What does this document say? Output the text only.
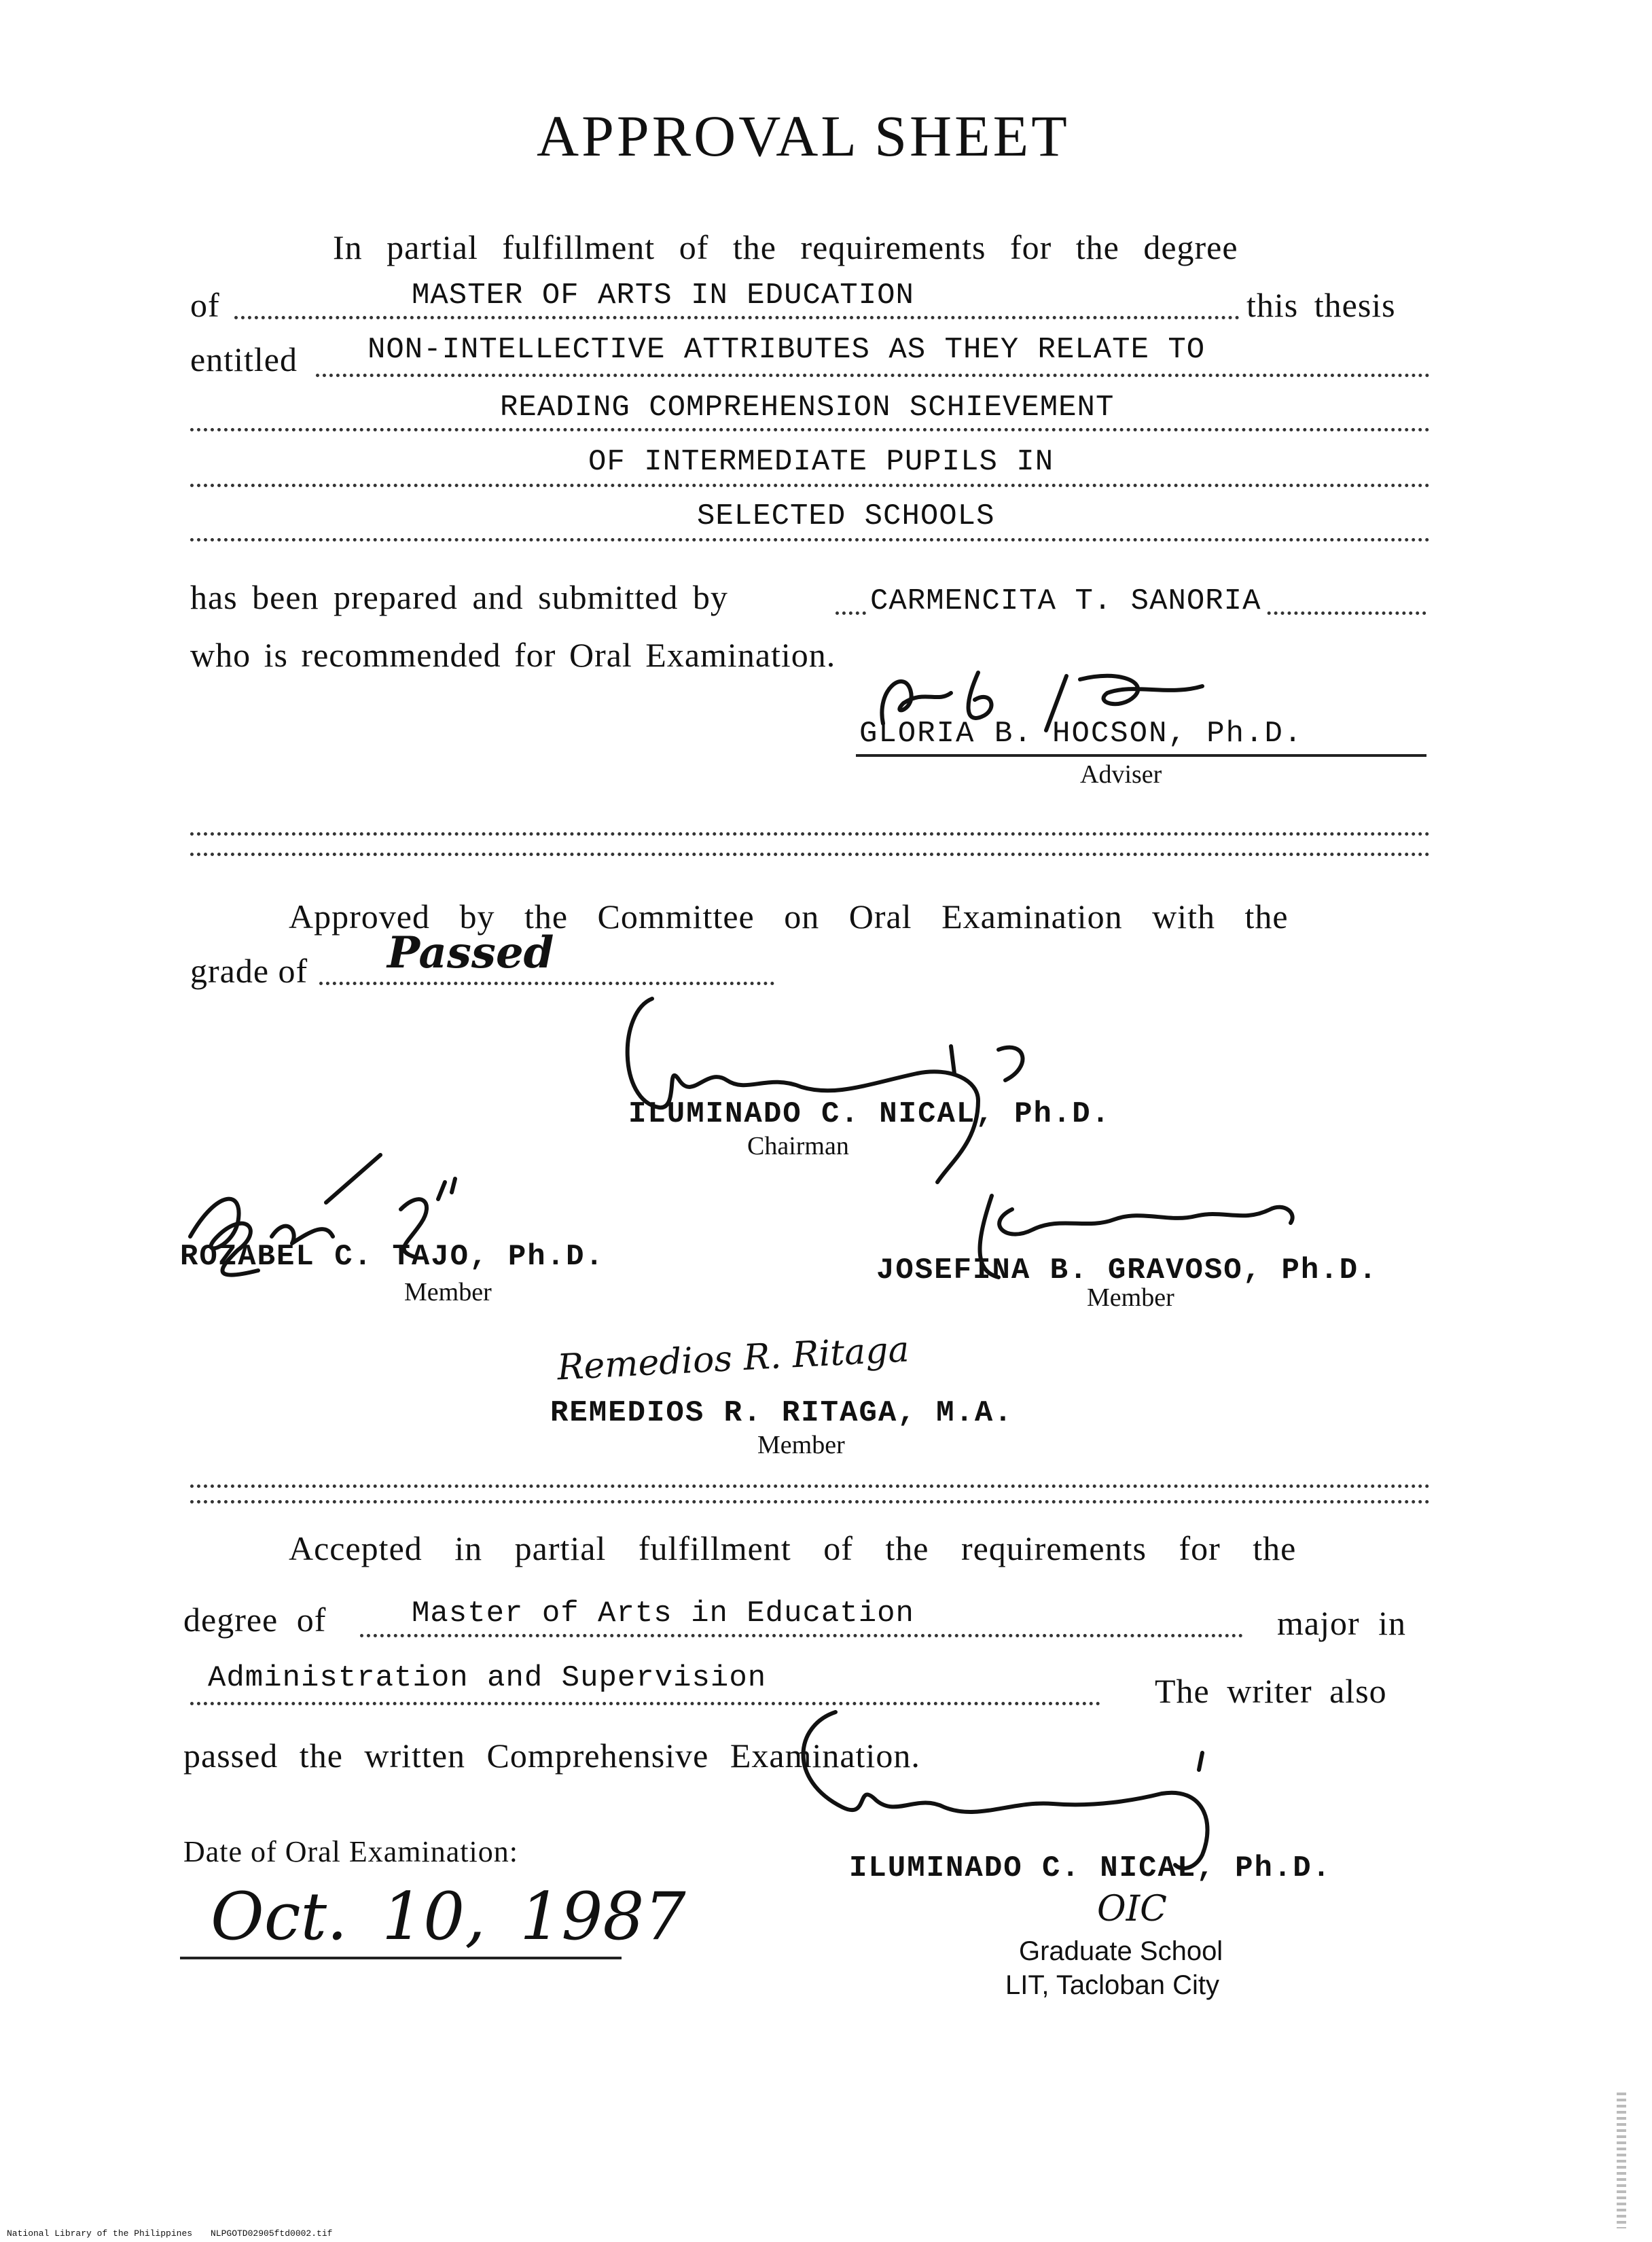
APPROVAL SHEET
In partial fulfillment of the requirements for the degree
of	MASTER OF ARTS IN EDUCATION	this thesis
entitled NON-INTELLECTIVE ATTRIBUTES AS THEY RELATE TO
READING COMPREHENSION SCHIEVEMENT
OF INTERMEDIATE PUPILS IN
SELECTED SCHOOLS
has been prepared and submitted by	CARMENCITA T. SANORIA
who is recommended for Oral Examination.
GLORIA B. HOCSON, Ph.D.
Adviser
Approved by the Committee on Oral Examination with the
grade of Passed
ILUMINADO C. NICAL, Ph.D.
Chairman
ROZABEL C. TAJO, Ph.D.
Member
JOSEFINA B. GRAVOSO, Ph.D.
Member
Remedios R. Ritaga
REMEDIOS R. RITAGA, M.A.
Member
Accepted in partial fulfillment of the requirements for the
degree of	Master of Arts in Education	major in
Administration and Supervision	The writer also
passed the written Comprehensive Examination.
Date of Oral Examination:
Oct. 10, 1987
ILUMINADO C. NICAL, Ph.D.
OIC
Graduate School
LIT, Tacloban City
National Library of the Philippines NLPGOTD02905ftd0002.tif
